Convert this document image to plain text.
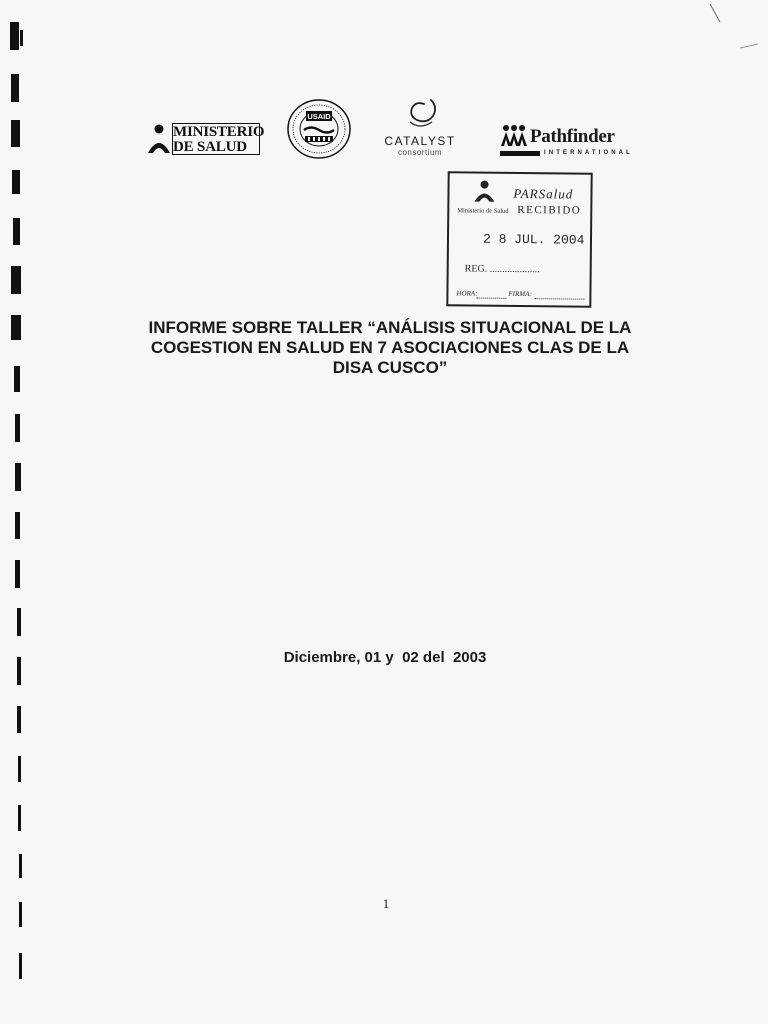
MINISTERIO
DE SALUD
USAID
CATALYST
consortium
Pathfinder
INTERNATIONAL
PARSalud
Ministerio de Salud RECIBIDO
2 8 JUL. 2004
REG. ....................
HORA:	FIRMA:
INFORME SOBRE TALLER “ANÁLISIS SITUACIONAL DE LA
COGESTION EN SALUD EN 7 ASOCIACIONES CLAS DE LA
DISA CUSCO”
Diciembre, 01 y  02 del  2003
1
